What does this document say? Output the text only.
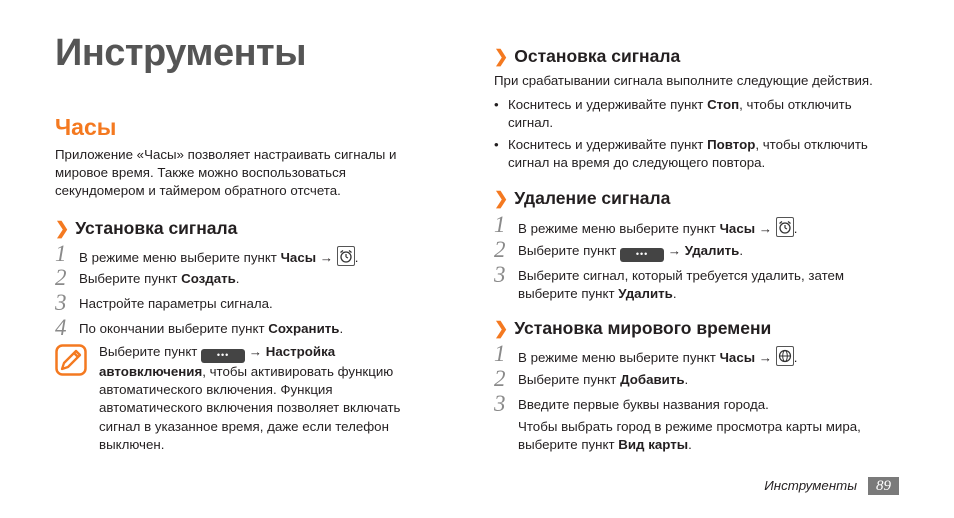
Инструменты
Часы
Приложение «Часы» позволяет настраивать сигналы и мировое время. Также можно воспользоваться секундомером и таймером обратного отсчета.
❯ Установка сигнала
1 В режиме меню выберите пункт Часы →
.
2 Выберите пункт Создать.
3 Настройте параметры сигнала.
4 По окончании выберите пункт Сохранить.
Выберите пункт ••• → Настройка автовключения, чтобы активировать функцию автоматического включения. Функция автоматического включения позволяет включать сигнал в указанное время, даже если телефон выключен.
❯ Остановка сигнала
При срабатывании сигнала выполните следующие действия.
• Коснитесь и удерживайте пункт Стоп, чтобы отключить
сигнал.
• Коснитесь и удерживайте пункт Повтор, чтобы отключить
сигнал на время до следующего повтора.
❯ Удаление сигнала
1 В режиме меню выберите пункт Часы →
.
2 Выберите пункт ••• → Удалить.
3 Выберите сигнал, который требуется удалить, затем
выберите пункт Удалить.
❯ Установка мирового времени
1 В режиме меню выберите пункт Часы →
.
2 Выберите пункт Добавить.
3 Введите первые буквы названия города.
Чтобы выбрать город в режиме просмотра карты мира,
выберите пункт Вид карты.
Инструменты	89
